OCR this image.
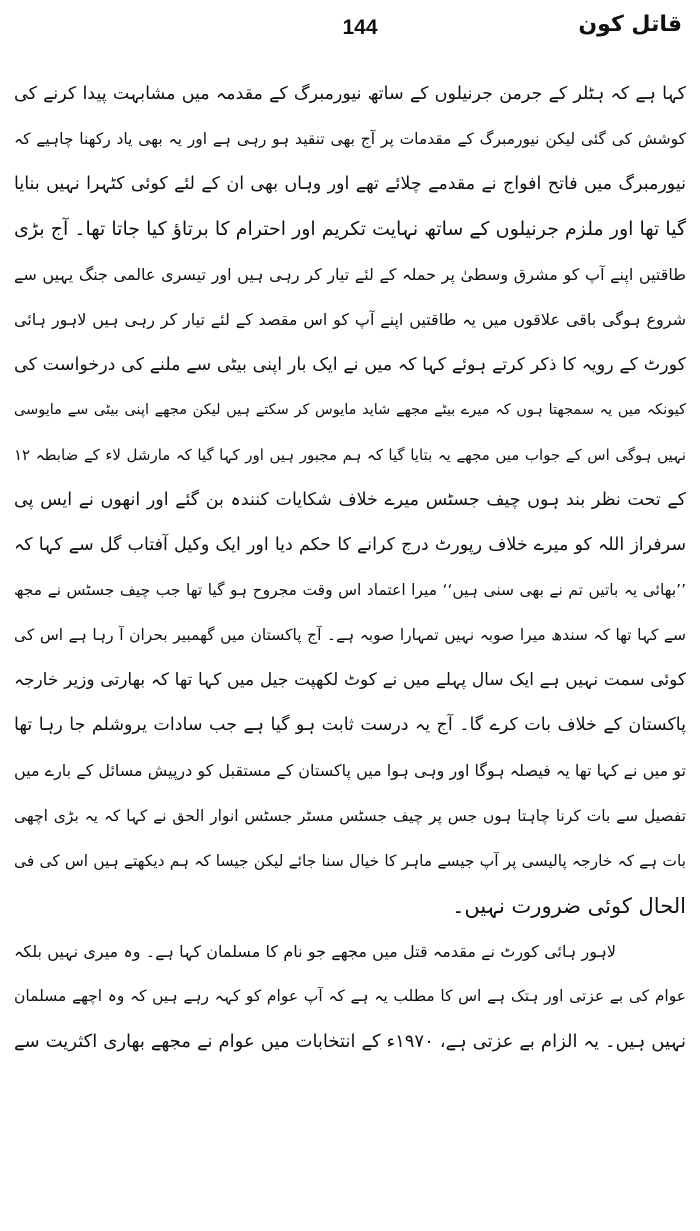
144	قاتل کون
کہا ہے کہ ہٹلر کے جرمن جرنیلوں کے ساتھ نیورمبرگ کے مقدمہ میں مشابہت پیدا کرنے کی
کوشش کی گئی لیکن نیورمبرگ کے مقدمات پر آج بھی تنقید ہو رہی ہے اور یہ بھی یاد رکھنا چاہیے کہ
نیورمبرگ میں فاتح افواج نے مقدمے چلائے تھے اور وہاں بھی ان کے لئے کوئی کٹہرا نہیں بنایا
گیا تھا اور ملزم جرنیلوں کے ساتھ نہایت تکریم اور احترام کا برتاؤ کیا جاتا تھا۔ آج بڑی
طاقتیں اپنے آپ کو مشرق وسطیٰ پر حملہ کے لئے تیار کر رہی ہیں اور تیسری عالمی جنگ یہیں سے
شروع ہوگی باقی علاقوں میں یہ طاقتیں اپنے آپ کو اس مقصد کے لئے تیار کر رہی ہیں لاہور ہائی
کورٹ کے رویہ کا ذکر کرتے ہوئے کہا کہ میں نے ایک بار اپنی بیٹی سے ملنے کی درخواست کی
کیونکہ میں یہ سمجھتا ہوں کہ میرے بیٹے مجھے شاید مایوس کر سکتے ہیں لیکن مجھے اپنی بیٹی سے مایوسی
نہیں ہوگی اس کے جواب میں مجھے یہ بتایا گیا کہ ہم مجبور ہیں اور کہا گیا کہ مارشل لاء کے ضابطہ ۱۲
کے تحت نظر بند ہوں چیف جسٹس میرے خلاف شکایات کنندہ بن گئے اور انھوں نے ایس پی
سرفراز اللہ کو میرے خلاف رپورٹ درج کرانے کا حکم دیا اور ایک وکیل آفتاب گل سے کہا کہ
’’بھائی یہ باتیں تم نے بھی سنی ہیں‘‘ میرا اعتماد اس وقت مجروح ہو گیا تھا جب چیف جسٹس نے مجھ
سے کہا تھا کہ سندھ میرا صوبہ نہیں تمہارا صوبہ ہے۔ آج پاکستان میں گھمبیر بحران آ رہا ہے اس کی
کوئی سمت نہیں ہے ایک سال پہلے میں نے کوٹ لکھپت جیل میں کہا تھا کہ بھارتی وزیر خارجہ
پاکستان کے خلاف بات کرے گا۔ آج یہ درست ثابت ہو گیا ہے جب سادات یروشلم جا رہا تھا
تو میں نے کہا تھا یہ فیصلہ ہوگا اور وہی ہوا میں پاکستان کے مستقبل کو درپیش مسائل کے بارے میں
تفصیل سے بات کرنا چاہتا ہوں جس پر چیف جسٹس مسٹر جسٹس انوار الحق نے کہا کہ یہ بڑی اچھی
بات ہے کہ خارجہ پالیسی پر آپ جیسے ماہر کا خیال سنا جائے لیکن جیسا کہ ہم دیکھتے ہیں اس کی فی
الحال کوئی ضرورت نہیں۔
لاہور ہائی کورٹ نے مقدمہ قتل میں مجھے جو نام کا مسلمان کہا ہے۔ وہ میری نہیں بلکہ
عوام کی بے عزتی اور ہتک ہے اس کا مطلب یہ ہے کہ آپ عوام کو کہہ رہے ہیں کہ وہ اچھے مسلمان
نہیں ہیں۔ یہ الزام بے عزتی ہے، ۱۹۷۰ء کے انتخابات میں عوام نے مجھے بھاری اکثریت سے
